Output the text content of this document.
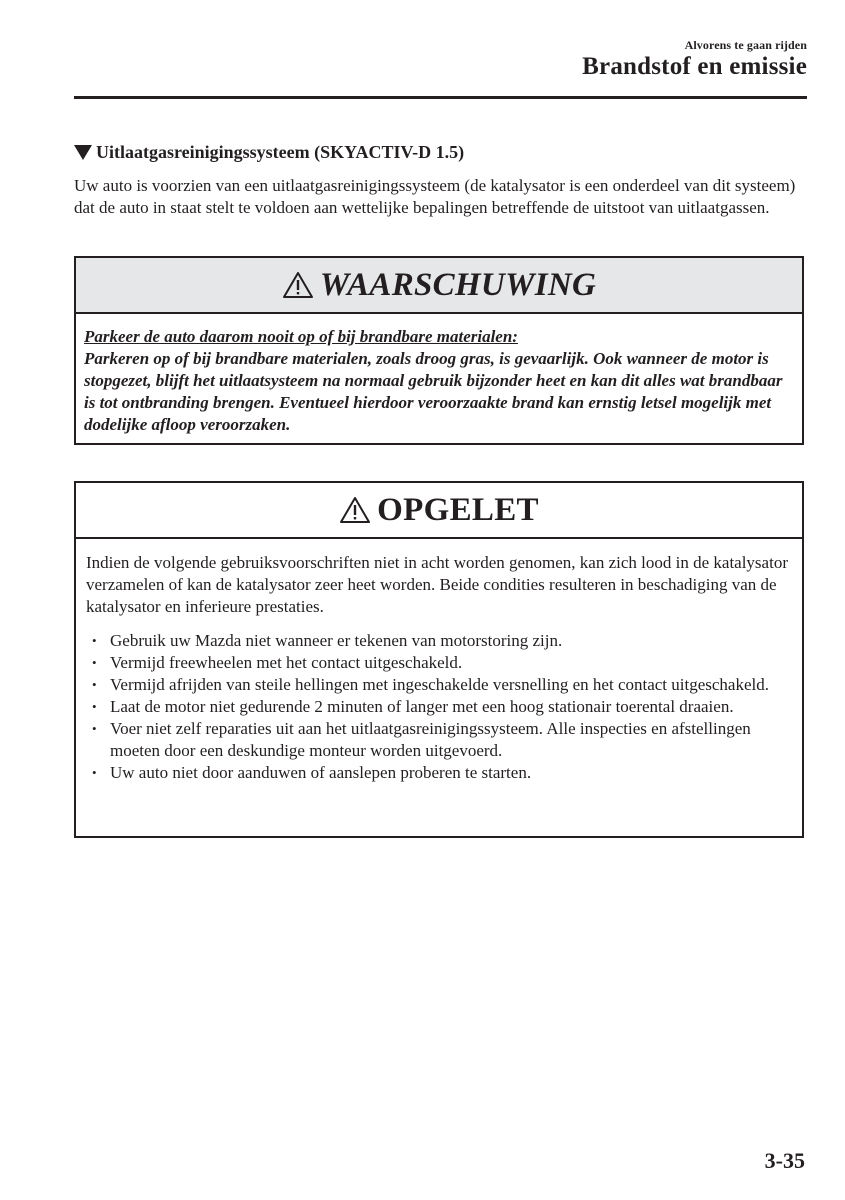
Alvorens te gaan rijden
Brandstof en emissie
Uitlaatgasreinigingssysteem (SKYACTIV-D 1.5)

Uw auto is voorzien van een uitlaatgasreinigingssysteem (de katalysator is een onderdeel van dit systeem) dat de auto in staat stelt te voldoen aan wettelijke bepalingen betreffende de uitstoot van uitlaatgassen.

WAARSCHUWING
Parkeer de auto daarom nooit op of bij brandbare materialen:
Parkeren op of bij brandbare materialen, zoals droog gras, is gevaarlijk. Ook wanneer de motor is stopgezet, blijft het uitlaatsysteem na normaal gebruik bijzonder heet en kan dit alles wat brandbaar is tot ontbranding brengen. Eventueel hierdoor veroorzaakte brand kan ernstig letsel mogelijk met dodelijke afloop veroorzaken.
OPGELET

Indien de volgende gebruiksvoorschriften niet in acht worden genomen, kan zich lood in de katalysator verzamelen of kan de katalysator zeer heet worden. Beide condities resulteren in beschadiging van de katalysator en inferieure prestaties.

• Gebruik uw Mazda niet wanneer er tekenen van motorstoring zijn.
• Vermijd freewheelen met het contact uitgeschakeld.
• Vermijd afrijden van steile hellingen met ingeschakelde versnelling en het contact uitgeschakeld.
• Laat de motor niet gedurende 2 minuten of langer met een hoog stationair toerental draaien.
• Voer niet zelf reparaties uit aan het uitlaatgasreinigingssysteem. Alle inspecties en afstellingen moeten door een deskundige monteur worden uitgevoerd.
• Uw auto niet door aanduwen of aanslepen proberen te starten.
3-35
